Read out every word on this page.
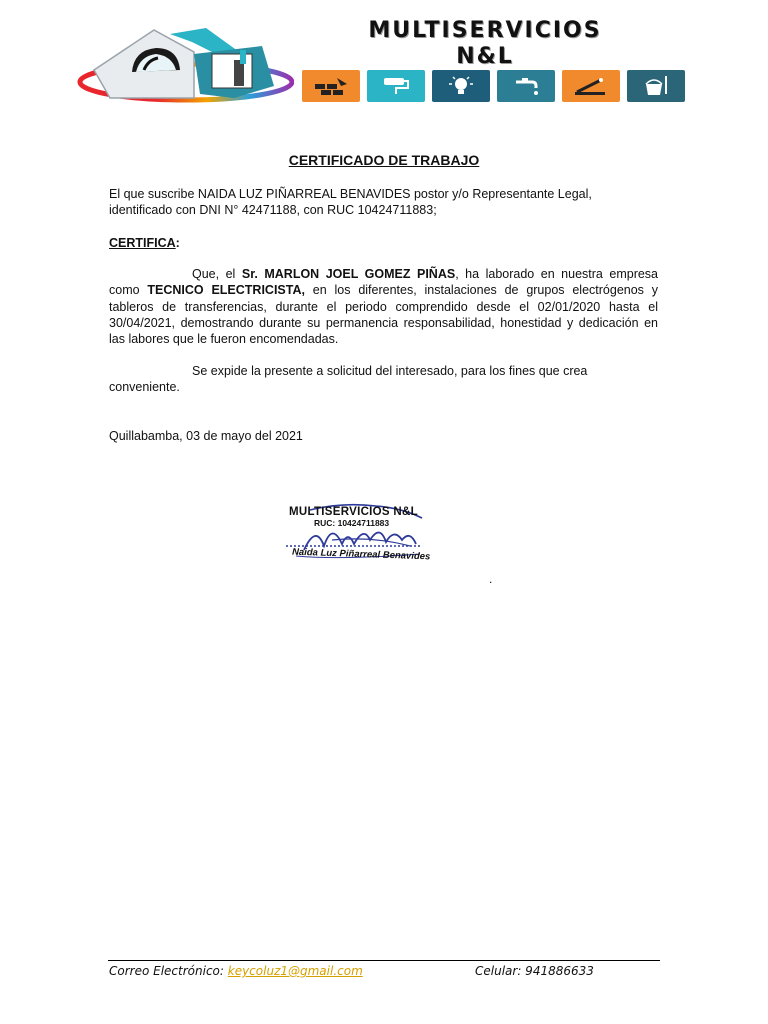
MULTISERVICIOS
N&L
CERTIFICADO DE TRABAJO
El que suscribe NAIDA LUZ PIÑARREAL BENAVIDES postor y/o Representante Legal,
identificado con DNI N° 42471188, con RUC 10424711883;
CERTIFICA:
Que, el Sr. MARLON JOEL GOMEZ PIÑAS, ha laborado en nuestra empresa como TECNICO ELECTRICISTA, en los diferentes, instalaciones de grupos electrógenos y tableros de transferencias, durante el periodo comprendido desde el 02/01/2020 hasta el 30/04/2021, demostrando durante su permanencia responsabilidad, honestidad y dedicación en las labores que le fueron encomendadas.
Se expide la presente a solicitud del interesado, para los fines que crea
conveniente.
Quillabamba, 03 de mayo del 2021
MULTISERVICIOS N&L
RUC: 10424711883
Naida Luz Piñarreal Benavides
.
Correo Electrónico: keycoluz1@gmail.com	Celular: 941886633
